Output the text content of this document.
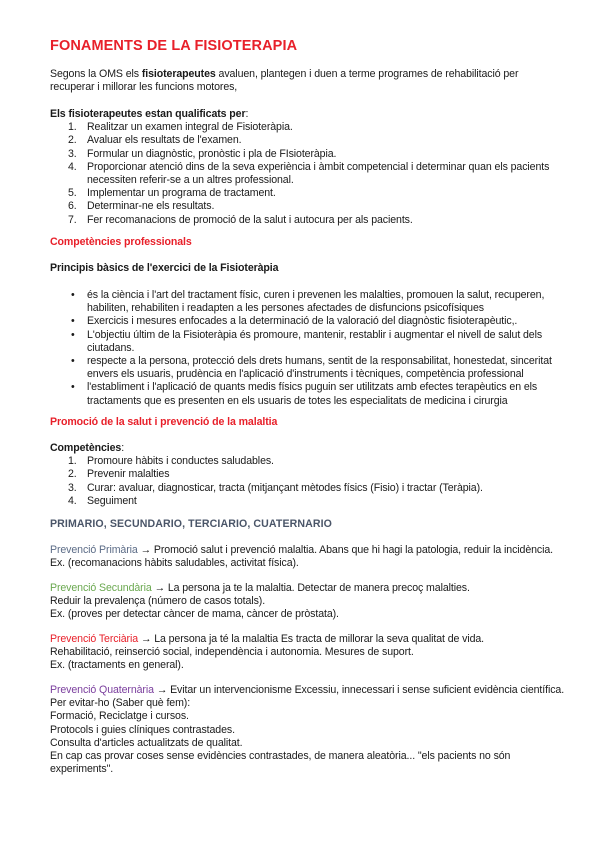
FONAMENTS DE LA FISIOTERAPIA
Segons la OMS els fisioterapeutes avaluen, plantegen i duen a terme programes de rehabilitació per
recuperar i millorar les funcions motores,
Els fisioterapeutes estan qualificats per:
1. Realitzar un examen integral de Fisioteràpia.
2. Avaluar els resultats de l'examen.
3. Formular un diagnòstic, pronòstic i pla de FIsioteràpia.
4. Proporcionar atenció dins de la seva experiència i àmbit competencial i determinar quan els pacients
necessiten referir-se a un altres professional.
5. Implementar un programa de tractament.
6. Determinar-ne els resultats.
7. Fer recomanacions de promoció de la salut i autocura per als pacients.
Competències professionals
Principis bàsics de l'exercici de la Fisioteràpia
• és la ciència i l'art del tractament físic, curen i prevenen les malalties, promouen la salut, recuperen,
habiliten, rehabiliten i readapten a les persones afectades de disfuncions psicofísiques
• Exercicis i mesures enfocades a la determinació de la valoració del diagnòstic fisioterapèutic,.
• L'objectiu últim de la Fisioteràpia és promoure, mantenir, restablir i augmentar el nivell de salut dels
ciutadans.
• respecte a la persona, protecció dels drets humans, sentit de la responsabilitat, honestedat, sinceritat
envers els usuaris, prudència en l'aplicació d'instruments i tècniques, competència professional
• l'establiment i l'aplicació de quants medis físics puguin ser utilitzats amb efectes terapèutics en els
tractaments que es presenten en els usuaris de totes les especialitats de medicina i cirurgia
Promoció de la salut i prevenció de la malaltia
Competències:
1. Promoure hàbits i conductes saludables.
2. Prevenir malalties
3. Curar: avaluar, diagnosticar, tracta (mitjançant mètodes físics (Fisio) i tractar (Teràpia).
4. Seguiment
PRIMARIO, SECUNDARIO, TERCIARIO, CUATERNARIO
Prevenció Primària → Promoció salut i prevenció malaltia. Abans que hi hagi la patologia, reduir la incidència.
Ex. (recomanacions hàbits saludables, activitat física).
Prevenció Secundària → La persona ja te la malaltia. Detectar de manera precoç malalties.
Reduir la prevalença (número de casos totals).
Ex. (proves per detectar càncer de mama, càncer de pròstata).
Prevenció Terciària → La persona ja té la malaltia Es tracta de millorar la seva qualitat de vida.
Rehabilitació, reinserció social, independència i autonomia. Mesures de suport.
Ex. (tractaments en general).
Prevenció Quaternària → Evitar un intervencionisme Excessiu, innecessari i sense suficient evidència científica.
Per evitar-ho (Saber què fem):
Formació, Reciclatge i cursos.
Protocols i guies clíniques contrastades.
Consulta d'articles actualitzats de qualitat.
En cap cas provar coses sense evidències contrastades, de manera aleatòria... "els pacients no són
experiments".
